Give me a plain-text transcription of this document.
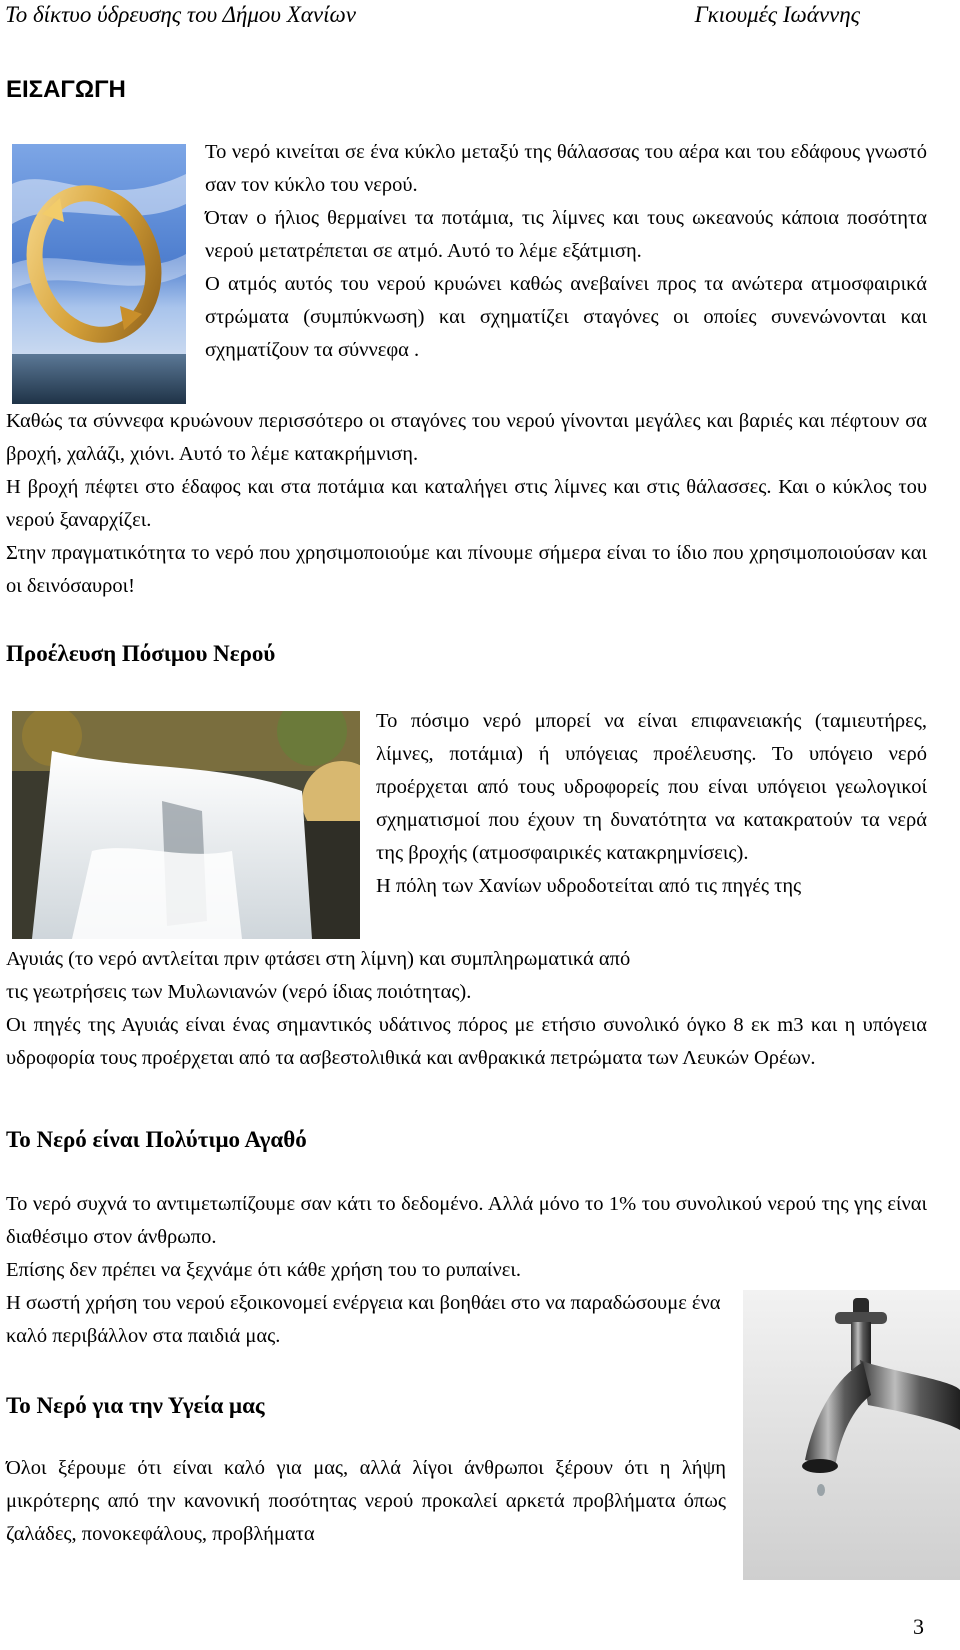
Το δίκτυο ύδρευσης του Δήμου Χανίων	Γκιουμές Ιωάννης
ΕΙΣΑΓΩΓΗ

Το νερό κινείται σε ένα κύκλο μεταξύ της θάλασσας του αέρα και του εδάφους γνωστό σαν τον κύκλο του νερού.

Όταν ο ήλιος θερμαίνει τα ποτάμια, τις λίμνες και τους ωκεανούς κάποια ποσότητα νερού μετατρέπεται σε ατμό. Αυτό το λέμε εξάτμιση.

Ο ατμός αυτός του νερού κρυώνει καθώς ανεβαίνει προς τα ανώτερα ατμοσφαιρικά στρώματα (συμπύκνωση) και σχηματίζει σταγόνες οι οποίες συνενώνονται και σχηματίζουν τα σύννεφα .

Καθώς τα σύννεφα κρυώνουν περισσότερο οι σταγόνες του νερού γίνονται μεγάλες και βαριές και πέφτουν σα βροχή, χαλάζι, χιόνι. Αυτό το λέμε κατακρήμνιση.

Η βροχή πέφτει στο έδαφος και στα ποτάμια και καταλήγει στις λίμνες και στις θάλασσες. Και ο κύκλος του νερού ξαναρχίζει.

Στην πραγματικότητα το νερό που χρησιμοποιούμε και πίνουμε σήμερα είναι το ίδιο που χρησιμοποιούσαν και οι δεινόσαυροι!

Προέλευση Πόσιμου Νερού

Το πόσιμο νερό μπορεί να είναι επιφανειακής (ταμιευτήρες, λίμνες, ποτάμια) ή υπόγειας προέλευσης. Το υπόγειο νερό προέρχεται από τους υδροφορείς που είναι υπόγειοι γεωλογικοί σχηματισμοί που έχουν τη δυνατότητα να κατακρατούν τα νερά της βροχής (ατμοσφαιρικές κατακρημνίσεις).

Η πόλη των Χανίων υδροδοτείται από τις πηγές της

Αγυιάς (το νερό αντλείται πριν φτάσει στη λίμνη) και συμπληρωματικά από

τις γεωτρήσεις των Μυλωνιανών (νερό ίδιας ποιότητας).

Οι πηγές της Αγυιάς είναι ένας σημαντικός υδάτινος πόρος με ετήσιο συνολικό όγκο 8 εκ m3 και η υπόγεια υδροφορία τους προέρχεται από τα ασβεστολιθικά και ανθρακικά πετρώματα των Λευκών Ορέων.

Το Νερό είναι Πολύτιμο Αγαθό

Το νερό συχνά το αντιμετωπίζουμε σαν κάτι το δεδομένο. Αλλά μόνο το 1% του συνολικού νερού της γης είναι διαθέσιμο στον άνθρωπο.

Επίσης δεν πρέπει να ξεχνάμε ότι κάθε χρήση του το ρυπαίνει.

Η σωστή χρήση του νερού εξοικονομεί ενέργεια και βοηθάει στο να παραδώσουμε ένα καλό περιβάλλον στα παιδιά μας.

Το Νερό για την Υγεία μας

Όλοι ξέρουμε ότι είναι καλό για μας, αλλά λίγοι άνθρωποι ξέρουν ότι η λήψη μικρότερης από την κανονική ποσότητας νερού προκαλεί αρκετά προβλήματα όπως ζαλάδες, πονοκεφάλους, προβλήματα

3
